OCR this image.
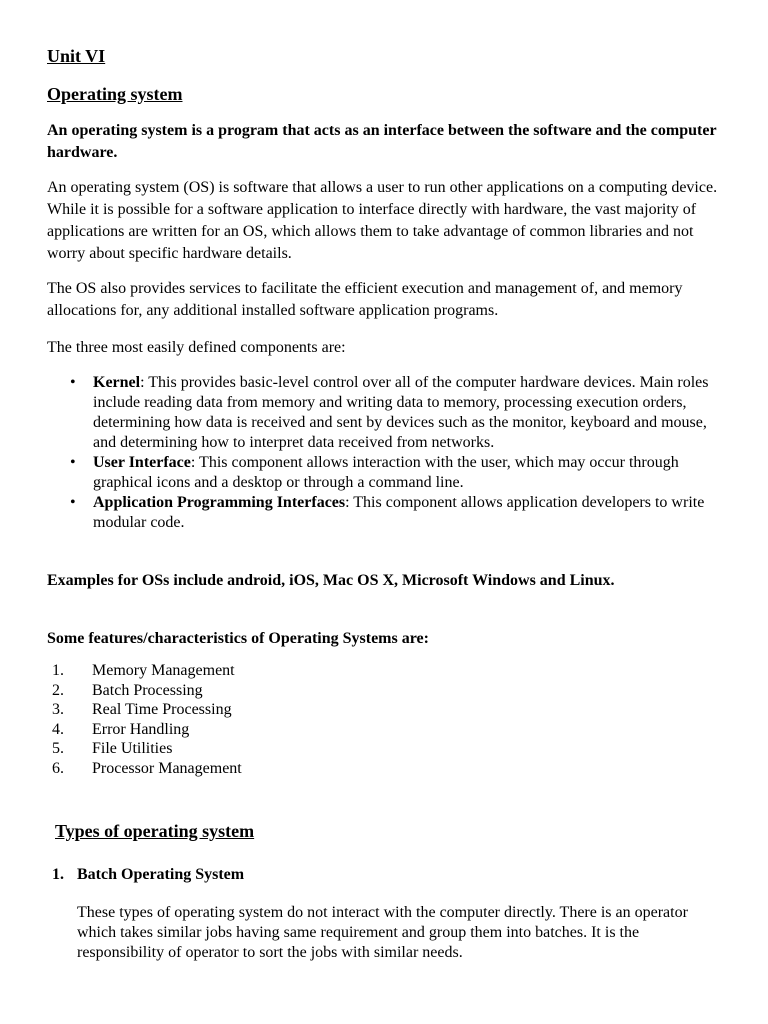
Unit VI
Operating system

An operating system is a program that acts as an interface between the software and the computer hardware.

An operating system (OS) is software that allows a user to run other applications on a computing device. While it is possible for a software application to interface directly with hardware, the vast majority of applications are written for an OS, which allows them to take advantage of common libraries and not worry about specific hardware details.

The OS also provides services to facilitate the efficient execution and management of, and memory allocations for, any additional installed software application programs.

The three most easily defined components are:

• Kernel: This provides basic-level control over all of the computer hardware devices. Main roles include reading data from memory and writing data to memory, processing execution orders, determining how data is received and sent by devices such as the monitor, keyboard and mouse, and determining how to interpret data received from networks.
• User Interface: This component allows interaction with the user, which may occur through graphical icons and a desktop or through a command line.
• Application Programming Interfaces: This component allows application developers to write modular code.

Examples for OSs include android, iOS, Mac OS X, Microsoft Windows and Linux.

Some features/characteristics of Operating Systems are:

1. Memory Management
2. Batch Processing
3. Real Time Processing
4. Error Handling
5. File Utilities
6. Processor Management
Types of operating system
1. Batch Operating System

These types of operating system do not interact with the computer directly. There is an operator which takes similar jobs having same requirement and group them into batches. It is the responsibility of operator to sort the jobs with similar needs.
